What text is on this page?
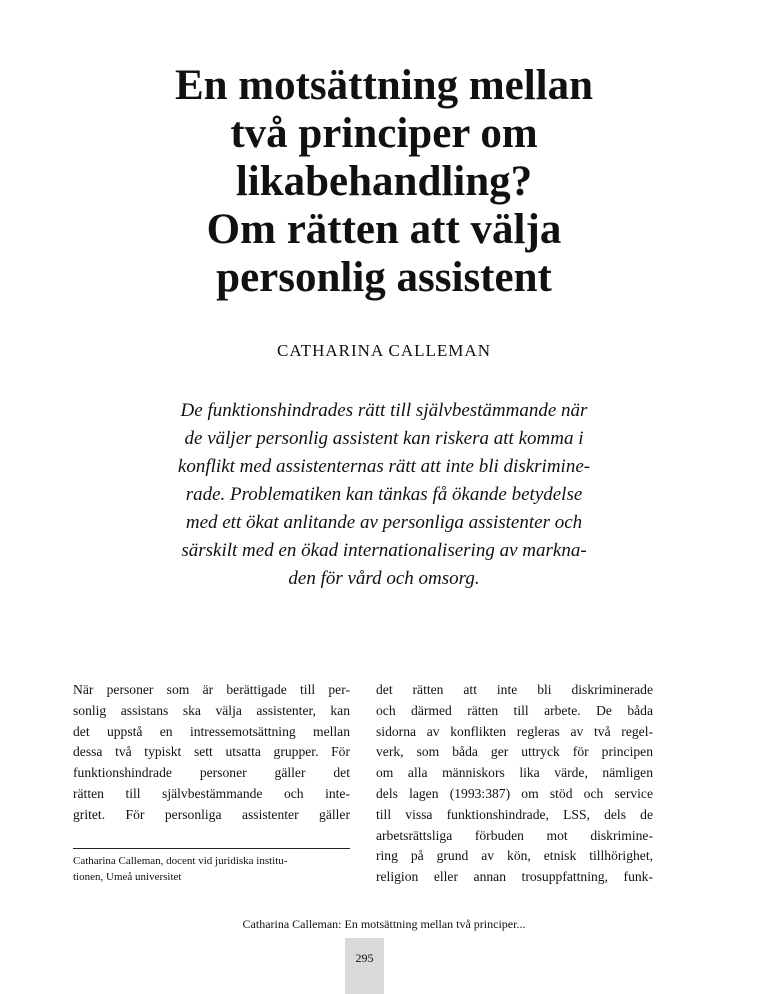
En motsättning mellan
två principer om
likabehandling?
Om rätten att välja
personlig assistent

CATHARINA CALLEMAN

De funktionshindrades rätt till självbestämmande när
de väljer personlig assistent kan riskera att komma i
konflikt med assistenternas rätt att inte bli diskrimine-
rade. Problematiken kan tänkas få ökande betydelse
med ett ökat anlitande av personliga assistenter och
särskilt med en ökad internationalisering av markna-
den för vård och omsorg.

När personer som är berättigade till per-
sonlig assistans ska välja assistenter, kan
det uppstå en intressemotsättning mellan
dessa två typiskt sett utsatta grupper. För
funktionshindrade personer gäller det
rätten till självbestämmande och inte-
gritet. För personliga assistenter gäller
Catharina Calleman, docent vid juridiska institu-
tionen, Umeå universitet
det rätten att inte bli diskriminerade
och därmed rätten till arbete. De båda
sidorna av konflikten regleras av två regel-
verk, som båda ger uttryck för principen
om alla människors lika värde, nämligen
dels lagen (1993:387) om stöd och service
till vissa funktionshindrade, LSS, dels de
arbetsrättsliga förbuden mot diskrimine-
ring på grund av kön, etnisk tillhörighet,
religion eller annan trosuppfattning, funk-
Catharina Calleman: En motsättning mellan två principer...
295
